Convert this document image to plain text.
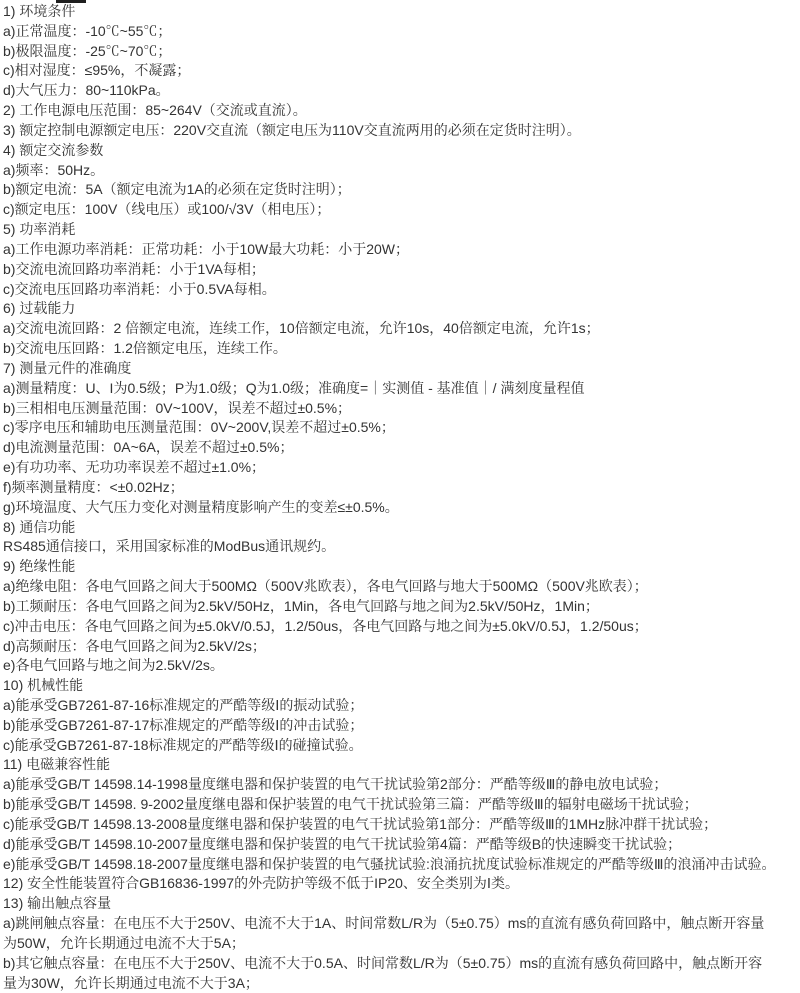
1) 环境条件
a)正常温度：-10℃~55℃；
b)极限温度：-25℃~70℃；
c)相对湿度：≤95%，不凝露；
d)大气压力：80~110kPa。
2) 工作电源电压范围：85~264V（交流或直流）。
3) 额定控制电源额定电压：220V交直流（额定电压为110V交直流两用的必须在定货时注明）。
4) 额定交流参数
a)频率：50Hz。
b)额定电流：5A（额定电流为1A的必须在定货时注明）；
c)额定电压：100V（线电压）或100/√3V（相电压）；
5) 功率消耗
a)工作电源功率消耗：正常功耗：小于10W最大功耗：小于20W；
b)交流电流回路功率消耗：小于1VA每相；
c)交流电压回路功率消耗：小于0.5VA每相。
6) 过载能力
a)交流电流回路：2 倍额定电流，连续工作，10倍额定电流，允许10s，40倍额定电流，允许1s；
b)交流电压回路：1.2倍额定电压，连续工作。
7) 测量元件的准确度
a)测量精度：U、I为0.5级；P为1.0级；Q为1.0级；准确度=｜实测值 - 基准值｜/ 满刻度量程值
b)三相相电压测量范围：0V~100V，误差不超过±0.5%；
c)零序电压和辅助电压测量范围：0V~200V,误差不超过±0.5%；
d)电流测量范围：0A~6A，误差不超过±0.5%；
e)有功功率、无功功率误差不超过±1.0%；
f)频率测量精度：<±0.02Hz；
g)环境温度、大气压力变化对测量精度影响产生的变差≤±0.5%。
8) 通信功能
RS485通信接口，采用国家标准的ModBus通讯规约。
9) 绝缘性能
a)绝缘电阻：各电气回路之间大于500MΩ（500V兆欧表），各电气回路与地大于500MΩ（500V兆欧表）；
b)工频耐压：各电气回路之间为2.5kV/50Hz，1Min，各电气回路与地之间为2.5kV/50Hz，1Min；
c)冲击电压：各电气回路之间为±5.0kV/0.5J，1.2/50us，各电气回路与地之间为±5.0kV/0.5J，1.2/50us；
d)高频耐压：各电气回路之间为2.5kV/2s；
e)各电气回路与地之间为2.5kV/2s。
10) 机械性能
a)能承受GB7261-87-16标准规定的严酷等级Ⅰ的振动试验；
b)能承受GB7261-87-17标准规定的严酷等级Ⅰ的冲击试验；
c)能承受GB7261-87-18标准规定的严酷等级Ⅰ的碰撞试验。
11) 电磁兼容性能
a)能承受GB/T 14598.14-1998量度继电器和保护装置的电气干扰试验第2部分：严酷等级Ⅲ的静电放电试验；
b)能承受GB/T 14598. 9-2002量度继电器和保护装置的电气干扰试验第三篇：严酷等级Ⅲ的辐射电磁场干扰试验；
c)能承受GB/T 14598.13-2008量度继电器和保护装置的电气干扰试验第1部分：严酷等级Ⅲ的1MHz脉冲群干扰试验；
d)能承受GB/T 14598.10-2007量度继电器和保护装置的电气干扰试验第4篇：严酷等级B的快速瞬变干扰试验；
e)能承受GB/T 14598.18-2007量度继电器和保护装置的电气骚扰试验:浪涌抗扰度试验标准规定的严酷等级Ⅲ的浪涌冲击试验。
12) 安全性能装置符合GB16836-1997的外壳防护等级不低于IP20、安全类别为Ⅰ类。
13) 输出触点容量
a)跳闸触点容量：在电压不大于250V、电流不大于1A、时间常数L/R为（5±0.75）ms的直流有感负荷回路中，触点断开容量
为50W，允许长期通过电流不大于5A；
b)其它触点容量：在电压不大于250V、电流不大于0.5A、时间常数L/R为（5±0.75）ms的直流有感负荷回路中，触点断开容
量为30W，允许长期通过电流不大于3A；
